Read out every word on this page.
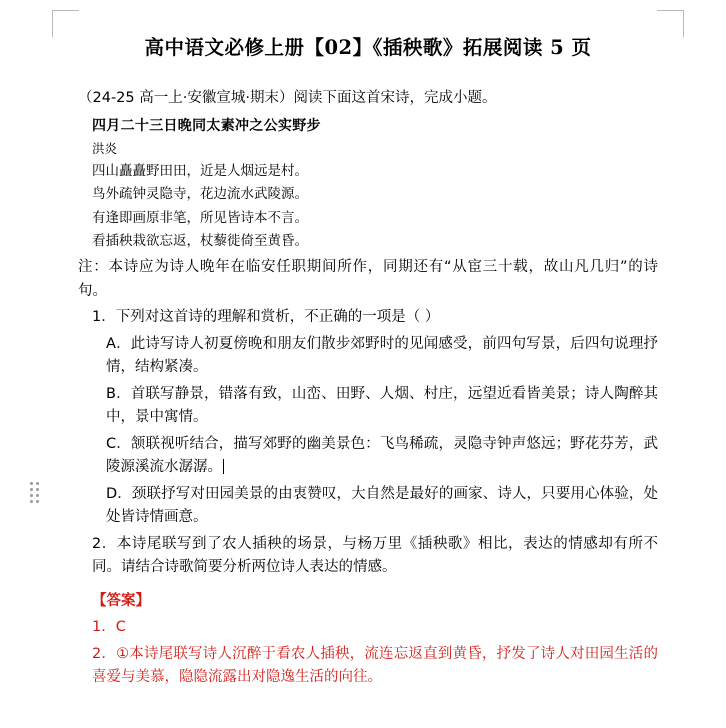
高中语文必修上册【02】《插秧歌》拓展阅读 5 页

（24-25 高一上·安徽宣城·期末）阅读下面这首宋诗，完成小题。

四月二十三日晚同太素冲之公实野步
洪炎
四山矗矗野田田，近是人烟远是村。
鸟外疏钟灵隐寺，花边流水武陵源。
有逢即画原非笔，所见皆诗本不言。
看插秧栽欲忘返，杖藜徙倚至黄昏。

注：本诗应为诗人晚年在临安任职期间所作，同期还有“从宦三十载，故山凡几归”的诗句。

1．下列对这首诗的理解和赏析，不正确的一项是（ ）

A．此诗写诗人初夏傍晚和朋友们散步郊野时的见闻感受，前四句写景，后四句说理抒情，结构紧凑。

B．首联写静景，错落有致，山峦、田野、人烟、村庄，远望近看皆美景；诗人陶醉其中，景中寓情。

C．颔联视听结合，描写郊野的幽美景色：飞鸟稀疏，灵隐寺钟声悠远；野花芬芳，武陵源溪流水潺潺。

D．颈联抒写对田园美景的由衷赞叹，大自然是最好的画家、诗人，只要用心体验，处处皆诗情画意。

2．本诗尾联写到了农人插秧的场景，与杨万里《插秧歌》相比，表达的情感却有所不同。请结合诗歌简要分析两位诗人表达的情感。

【答案】

1．C

2．①本诗尾联写诗人沉醉于看农人插秧，流连忘返直到黄昏，抒发了诗人对田园生活的喜爱与美慕，隐隐流露出对隐逸生活的向往。
